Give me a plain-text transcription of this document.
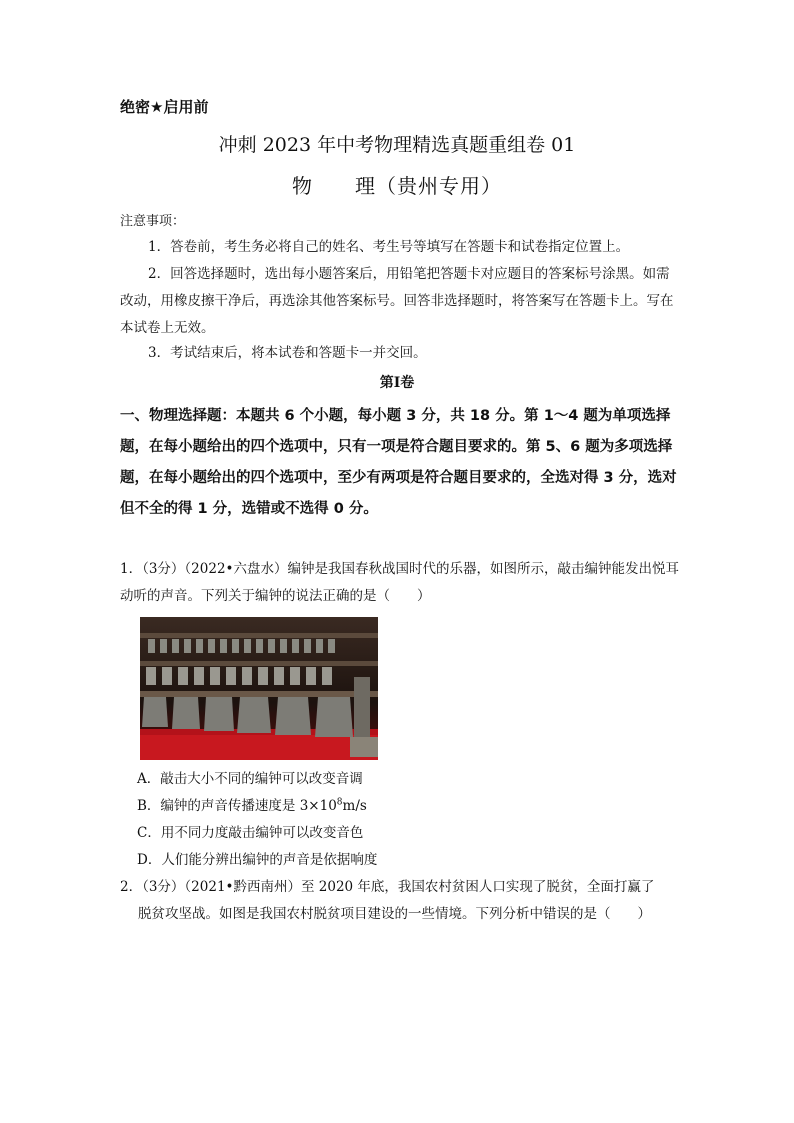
绝密★启用前
冲刺 2023 年中考物理精选真题重组卷 01
物　　理（贵州专用）
注意事项：
1．答卷前，考生务必将自己的姓名、考生号等填写在答题卡和试卷指定位置上。
2．回答选择题时，选出每小题答案后，用铅笔把答题卡对应题目的答案标号涂黑。如需改动，用橡皮擦干净后，再选涂其他答案标号。回答非选择题时，将答案写在答题卡上。写在本试卷上无效。
3．考试结束后，将本试卷和答题卡一并交回。
第Ⅰ卷
一、物理选择题：本题共 6 个小题，每小题 3 分，共 18 分。第 1～4 题为单项选择题，在每小题给出的四个选项中，只有一项是符合题目要求的。第 5、6 题为多项选择题，在每小题给出的四个选项中，至少有两项是符合题目要求的，全选对得 3 分，选对但不全的得 1 分，选错或不选得 0 分。
1．（3分）（2022•六盘水）编钟是我国春秋战国时代的乐器，如图所示，敲击编钟能发出悦耳动听的声音。下列关于编钟的说法正确的是（　　）
A．敲击大小不同的编钟可以改变音调
B．编钟的声音传播速度是 $3\times 10^8m/s$
C．用不同力度敲击编钟可以改变音色
D．人们能分辨出编钟的声音是依据响度
2．（3分）（2021•黔西南州）至 2020 年底，我国农村贫困人口实现了脱贫，全面打赢了
脱贫攻坚战。如图是我国农村脱贫项目建设的一些情境。下列分析中错误的是（　　）
